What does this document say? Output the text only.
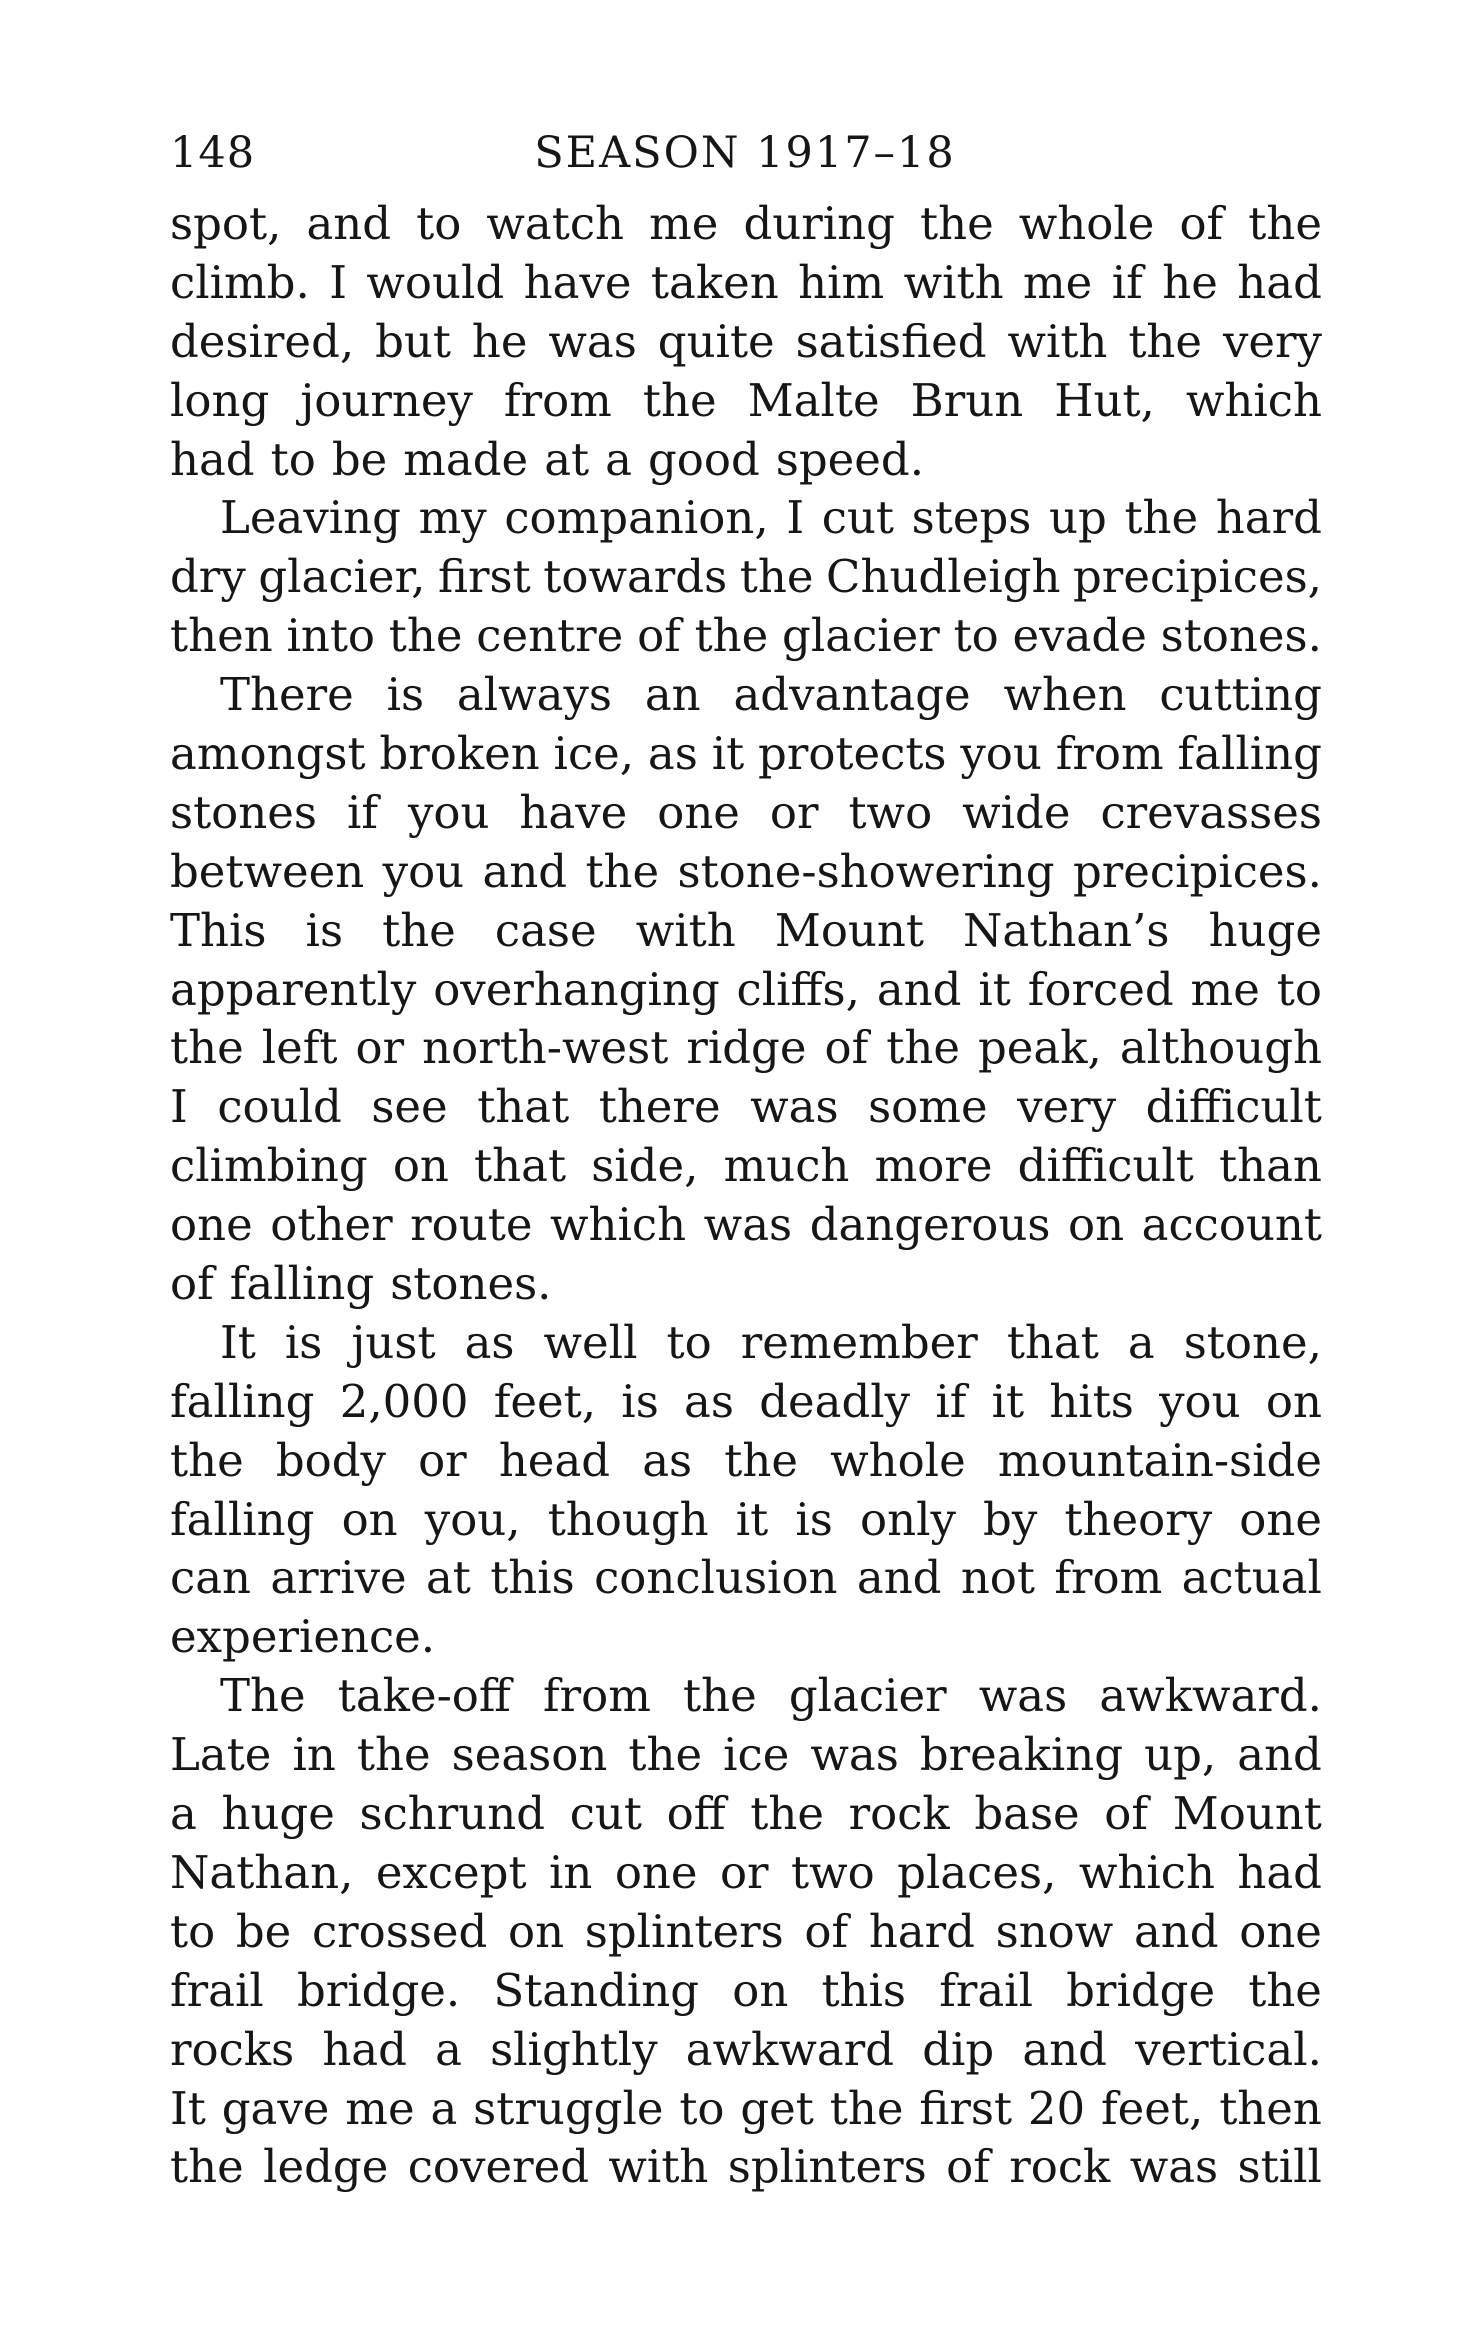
148	SEASON 1917–18
spot, and to watch me during the whole of the
climb. I would have taken him with me if he had
desired, but he was quite satisfied with the very
long journey from the Malte Brun Hut, which
had to be made at a good speed.
Leaving my companion, I cut steps up the hard
dry glacier, first towards the Chudleigh precipices,
then into the centre of the glacier to evade stones.
There is always an advantage when cutting
amongst broken ice, as it protects you from falling
stones if you have one or two wide crevasses
between you and the stone-showering precipices.
This is the case with Mount Nathan’s huge
apparently overhanging cliffs, and it forced me to
the left or north-west ridge of the peak, although
I could see that there was some very difficult
climbing on that side, much more difficult than
one other route which was dangerous on account
of falling stones.
It is just as well to remember that a stone,
falling 2,000 feet, is as deadly if it hits you on
the body or head as the whole mountain-side
falling on you, though it is only by theory one
can arrive at this conclusion and not from actual
experience.
The take-off from the glacier was awkward.
Late in the season the ice was breaking up, and
a huge schrund cut off the rock base of Mount
Nathan, except in one or two places, which had
to be crossed on splinters of hard snow and one
frail bridge. Standing on this frail bridge the
rocks had a slightly awkward dip and vertical.
It gave me a struggle to get the first 20 feet, then
the ledge covered with splinters of rock was still
